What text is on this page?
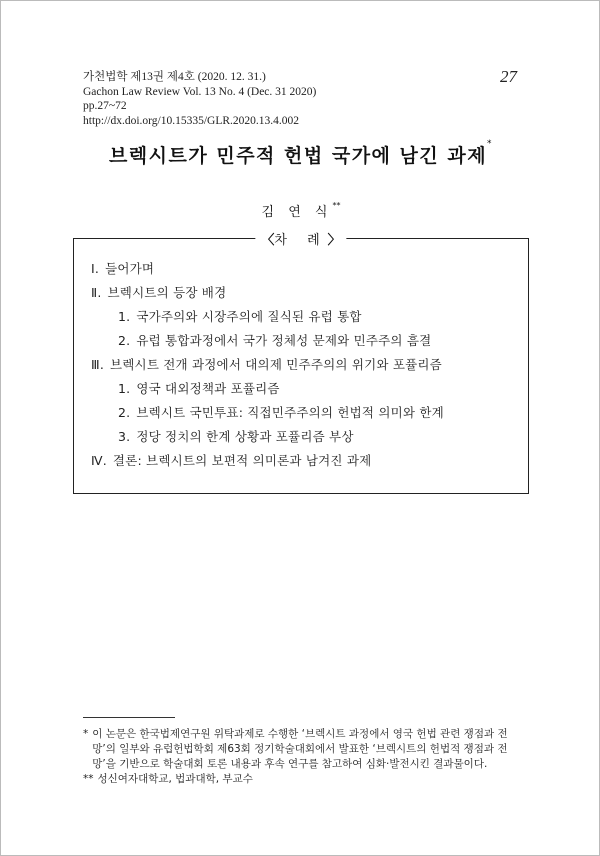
가천법학 제13권 제4호 (2020. 12. 31.)
Gachon Law Review Vol. 13 No. 4 (Dec. 31 2020)
pp.27~72
http://dx.doi.org/10.15335/GLR.2020.13.4.002
27
브렉시트가 민주적 헌법 국가에 남긴 과제*
김 연 식**
〈차 례〉
Ⅰ. 들어가며
Ⅱ. 브렉시트의 등장 배경
1. 국가주의와 시장주의에 질식된 유럽 통합
2. 유럽 통합과정에서 국가 정체성 문제와 민주주의 흠결
Ⅲ. 브렉시트 전개 과정에서 대의제 민주주의의 위기와 포퓰리즘
1. 영국 대외정책과 포퓰리즘
2. 브렉시트 국민투표: 직접민주주의의 헌법적 의미와 한계
3. 정당 정치의 한계 상황과 포퓰리즘 부상
Ⅳ. 결론: 브렉시트의 보편적 의미론과 남겨진 과제
* 이 논문은 한국법제연구원 위탁과제로 수행한 ‘브렉시트 과정에서 영국 헌법 관련 쟁점과 전망’의 일부와 유럽헌법학회 제63회 정기학술대회에서 발표한 ‘브렉시트의 헌법적 쟁점과 전망’을 기반으로 학술대회 토론 내용과 후속 연구를 참고하여 심화·발전시킨 결과물이다.
** 성신여자대학교, 법과대학, 부교수
